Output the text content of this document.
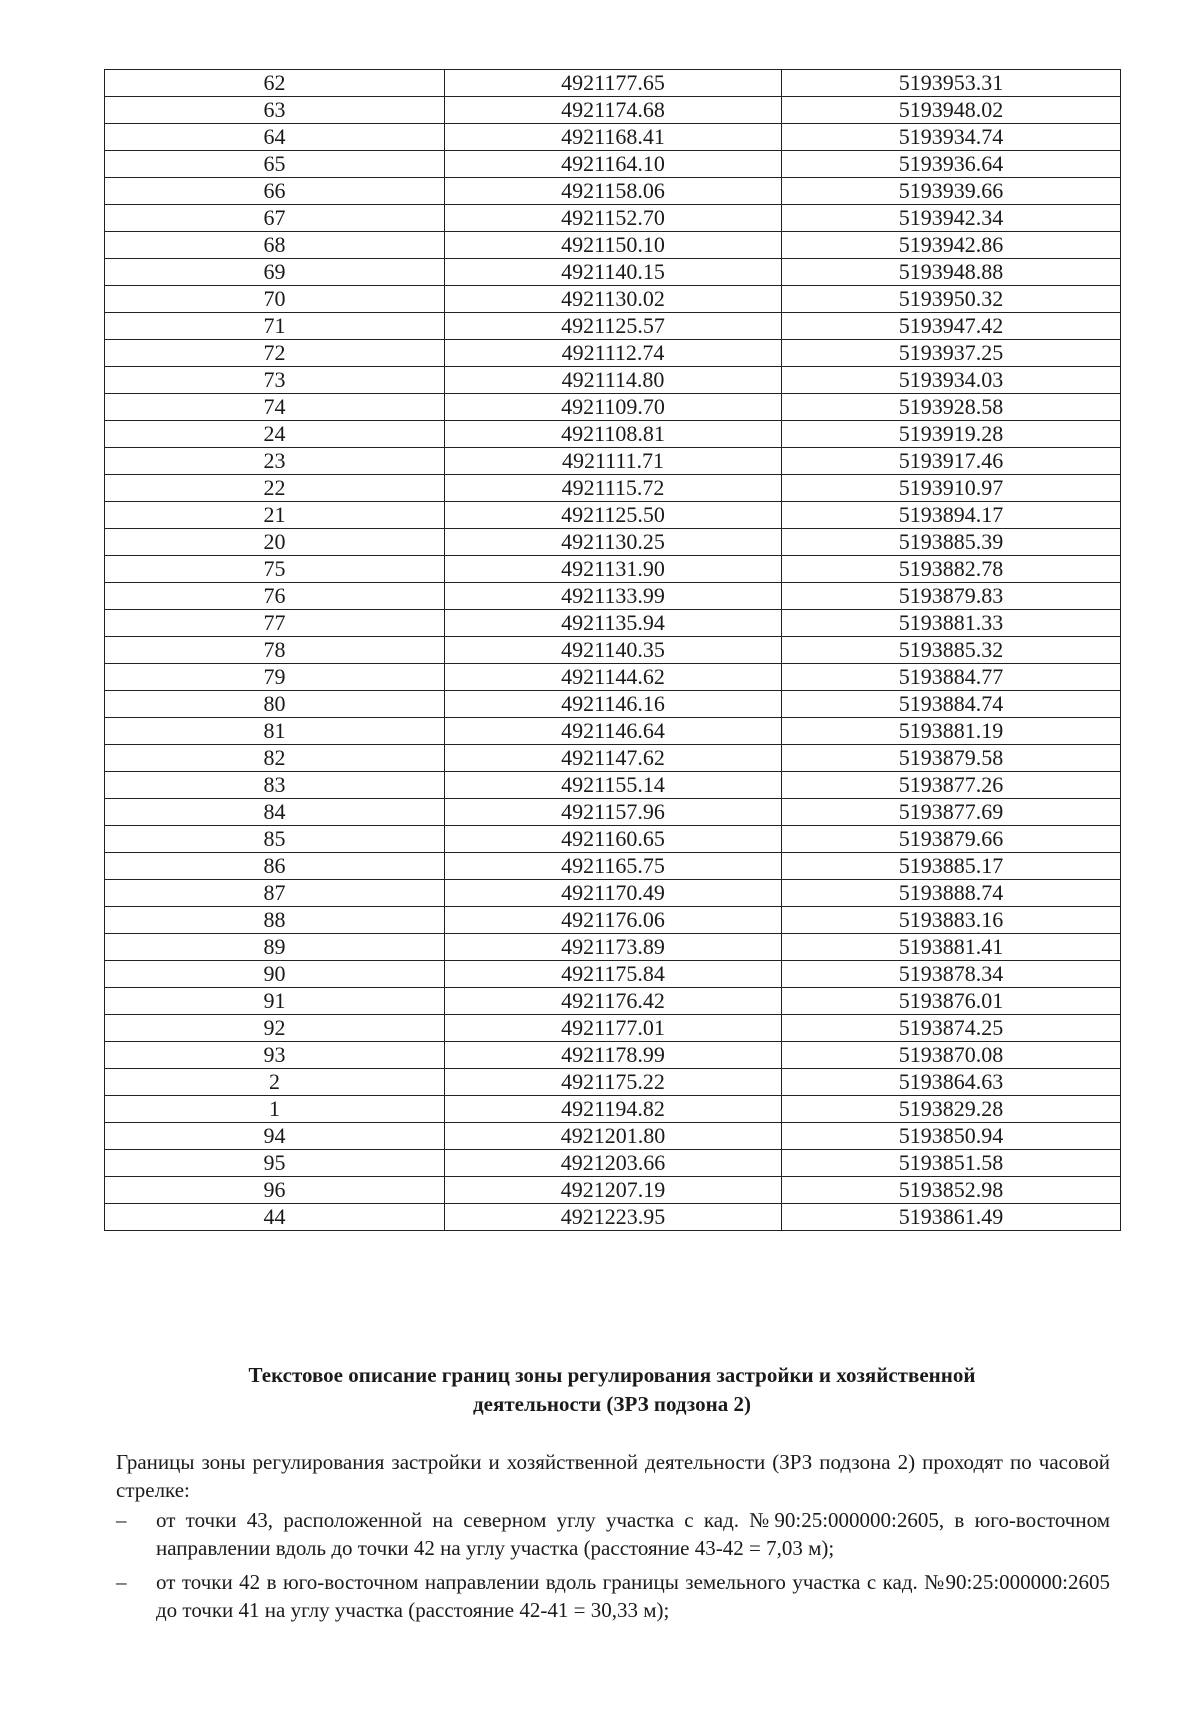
62	4921177.65	5193953.31
63	4921174.68	5193948.02
64	4921168.41	5193934.74
65	4921164.10	5193936.64
66	4921158.06	5193939.66
67	4921152.70	5193942.34
68	4921150.10	5193942.86
69	4921140.15	5193948.88
70	4921130.02	5193950.32
71	4921125.57	5193947.42
72	4921112.74	5193937.25
73	4921114.80	5193934.03
74	4921109.70	5193928.58
24	4921108.81	5193919.28
23	4921111.71	5193917.46
22	4921115.72	5193910.97
21	4921125.50	5193894.17
20	4921130.25	5193885.39
75	4921131.90	5193882.78
76	4921133.99	5193879.83
77	4921135.94	5193881.33
78	4921140.35	5193885.32
79	4921144.62	5193884.77
80	4921146.16	5193884.74
81	4921146.64	5193881.19
82	4921147.62	5193879.58
83	4921155.14	5193877.26
84	4921157.96	5193877.69
85	4921160.65	5193879.66
86	4921165.75	5193885.17
87	4921170.49	5193888.74
88	4921176.06	5193883.16
89	4921173.89	5193881.41
90	4921175.84	5193878.34
91	4921176.42	5193876.01
92	4921177.01	5193874.25
93	4921178.99	5193870.08
2	4921175.22	5193864.63
1	4921194.82	5193829.28
94	4921201.80	5193850.94
95	4921203.66	5193851.58
96	4921207.19	5193852.98
44	4921223.95	5193861.49
Текстовое описание границ зоны регулирования застройки и хозяйственной
деятельности (ЗРЗ подзона 2)
Границы зоны регулирования застройки и хозяйственной деятельности (ЗРЗ подзона 2) проходят по часовой стрелке:
– от точки 43, расположенной на северном углу участка с кад. №90:25:000000:2605, в юго-восточном направлении вдоль до точки 42 на углу участка (расстояние 43-42 = 7,03 м);
– от точки 42 в юго-восточном направлении вдоль границы земельного участка с кад. №90:25:000000:2605 до точки 41 на углу участка (расстояние 42-41 = 30,33 м);
